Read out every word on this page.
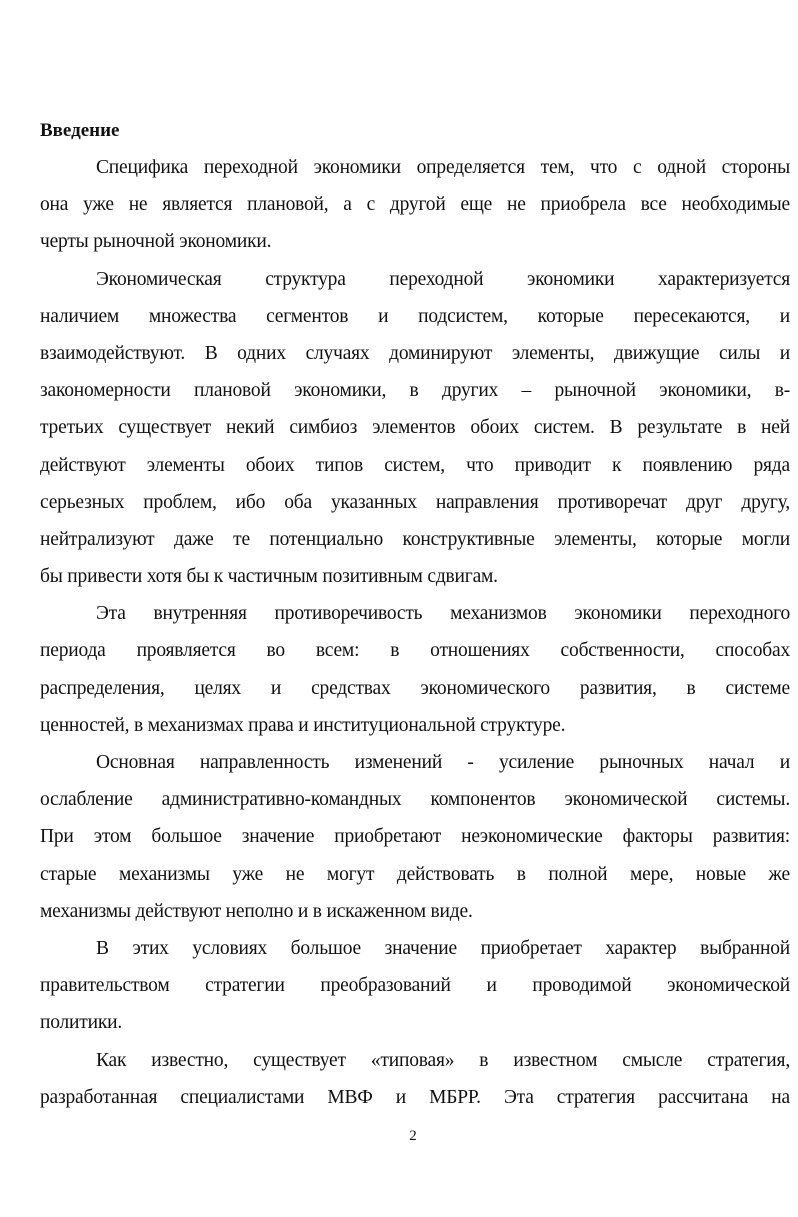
Введение
Специфика переходной экономики определяется тем, что с одной стороны
она уже не является плановой, а с другой еще не приобрела все необходимые
черты рыночной экономики.
Экономическая структура переходной экономики характеризуется
наличием множества сегментов и подсистем, которые пересекаются, и
взаимодействуют. В одних случаях доминируют элементы, движущие силы и
закономерности плановой экономики, в других – рыночной экономики, в-
третьих существует некий симбиоз элементов обоих систем. В результате в ней
действуют элементы обоих типов систем, что приводит к появлению ряда
серьезных проблем, ибо оба указанных направления противоречат друг другу,
нейтрализуют даже те потенциально конструктивные элементы, которые могли
бы привести хотя бы к частичным позитивным сдвигам.
Эта внутренняя противоречивость механизмов экономики переходного
периода проявляется во всем: в отношениях собственности, способах
распределения, целях и средствах экономического развития, в системе
ценностей, в механизмах права и институциональной структуре.
Основная направленность изменений - усиление рыночных начал и
ослабление административно-командных компонентов экономической системы.
При этом большое значение приобретают неэкономические факторы развития:
старые механизмы уже не могут действовать в полной мере, новые же
механизмы действуют неполно и в искаженном виде.
В этих условиях большое значение приобретает характер выбранной
правительством стратегии преобразований и проводимой экономической
политики.
Как известно, существует «типовая» в известном смысле стратегия,
разработанная специалистами МВФ и МБРР. Эта стратегия рассчитана на
2
